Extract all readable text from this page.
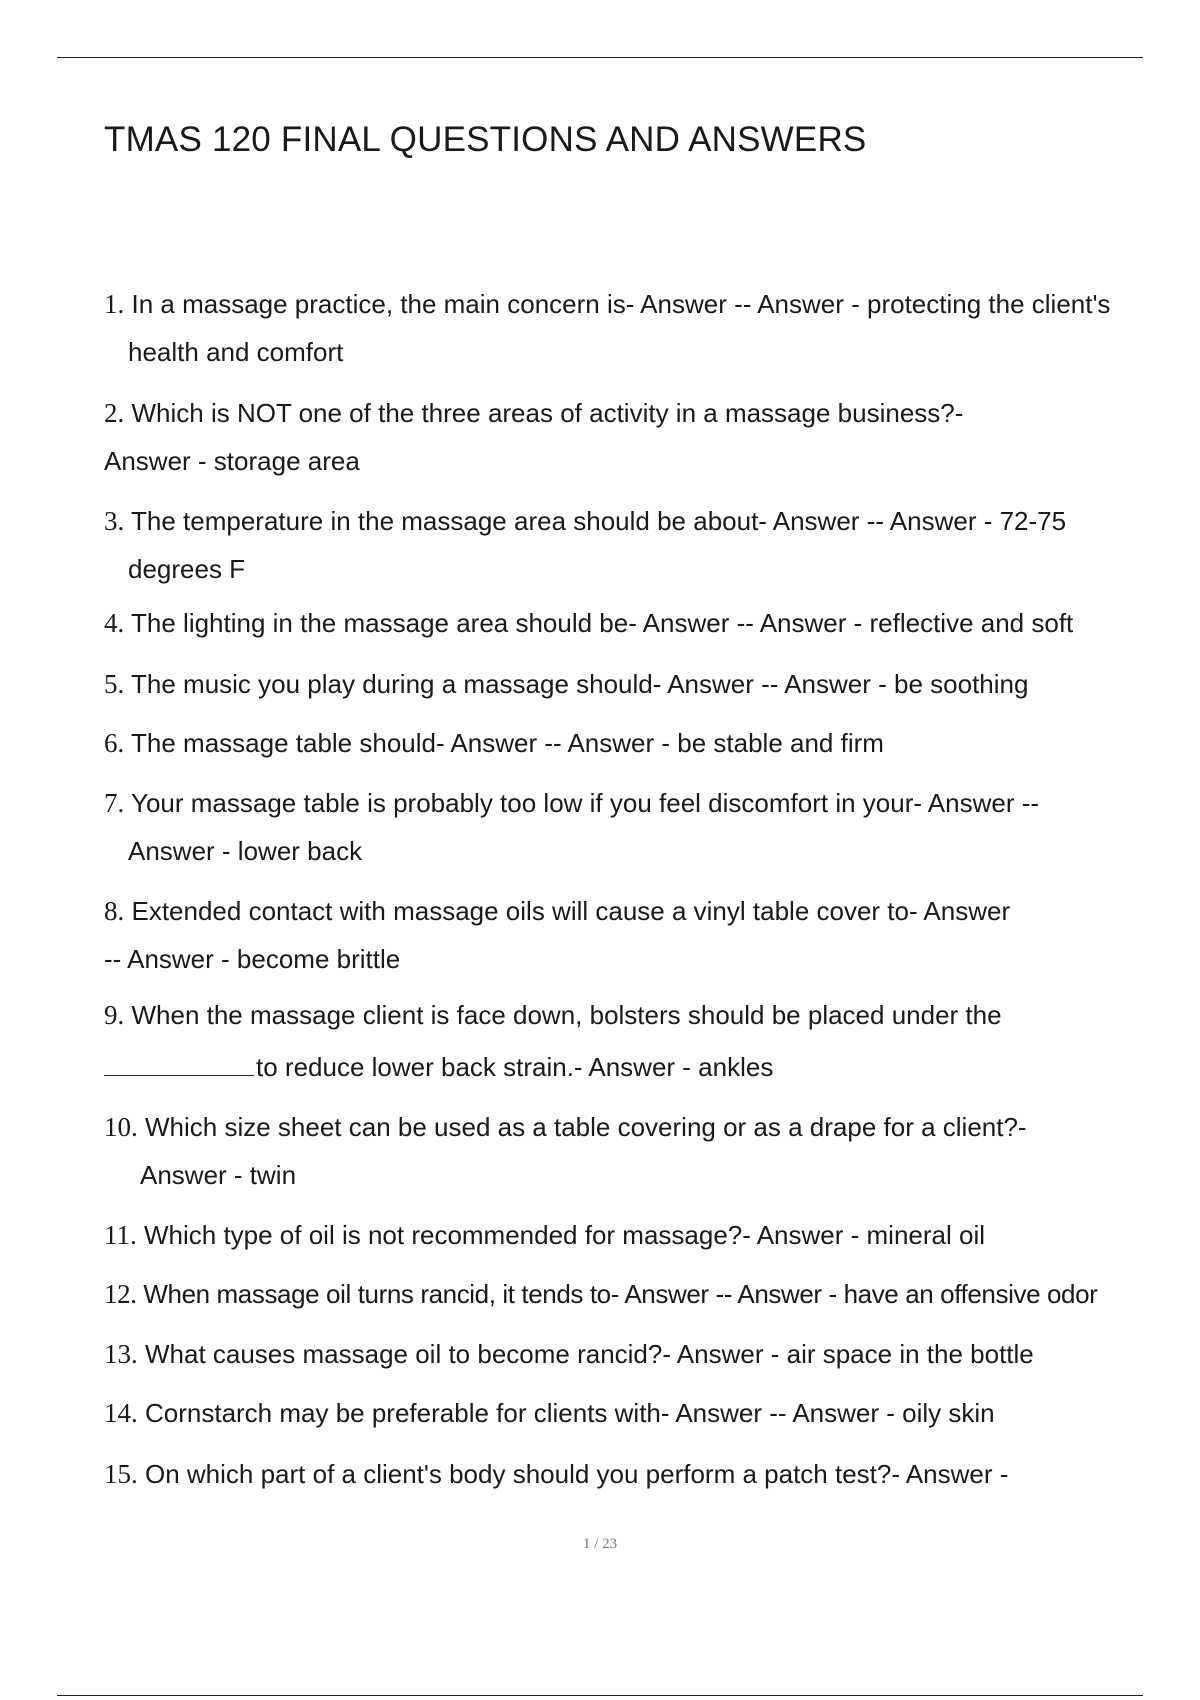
TMAS 120 FINAL QUESTIONS AND ANSWERS
1. In a massage practice, the main concern is- Answer -- Answer - protecting the client's
health and comfort
2. Which is NOT one of the three areas of activity in a massage business?-
Answer - storage area
3. The temperature in the massage area should be about- Answer -- Answer - 72-75
degrees F
4. The lighting in the massage area should be- Answer -- Answer - reflective and soft
5. The music you play during a massage should- Answer -- Answer - be soothing
6. The massage table should- Answer -- Answer - be stable and firm
7. Your massage table is probably too low if you feel discomfort in your- Answer --
Answer - lower back
8. Extended contact with massage oils will cause a vinyl table cover to- Answer
-- Answer - become brittle
9. When the massage client is face down, bolsters should be placed under the
to reduce lower back strain.- Answer - ankles
10. Which size sheet can be used as a table covering or as a drape for a client?-
Answer - twin
11. Which type of oil is not recommended for massage?- Answer - mineral oil
12. When massage oil turns rancid, it tends to- Answer -- Answer - have an offensive odor
13. What causes massage oil to become rancid?- Answer - air space in the bottle
14. Cornstarch may be preferable for clients with- Answer -- Answer - oily skin
15. On which part of a client's body should you perform a patch test?- Answer -
1 / 23
